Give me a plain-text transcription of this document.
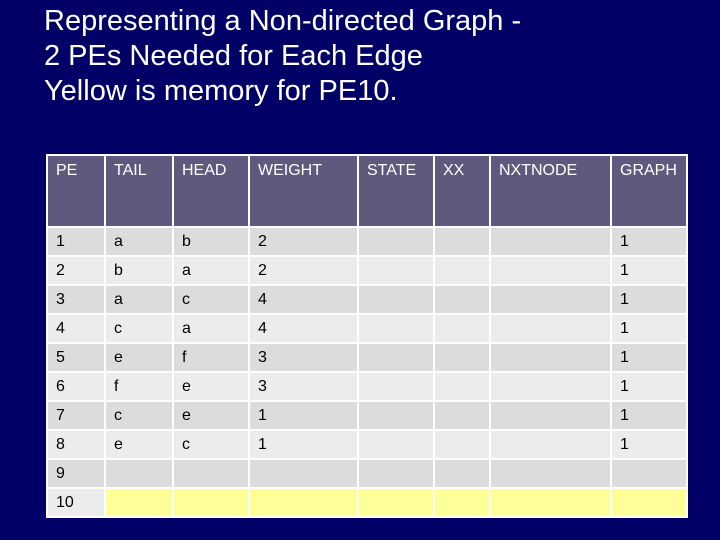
Representing a Non-directed Graph -
2 PEs Needed for Each Edge
Yellow is memory for PE10.
PE	TAIL	HEAD	WEIGHT	STATE	XX	NXTNODE	GRAPH
1	a	b	2				1
2	b	a	2				1
3	a	c	4				1
4	c	a	4				1
5	e	f	3				1
6	f	e	3				1
7	c	e	1				1
8	e	c	1				1
9							
10							
